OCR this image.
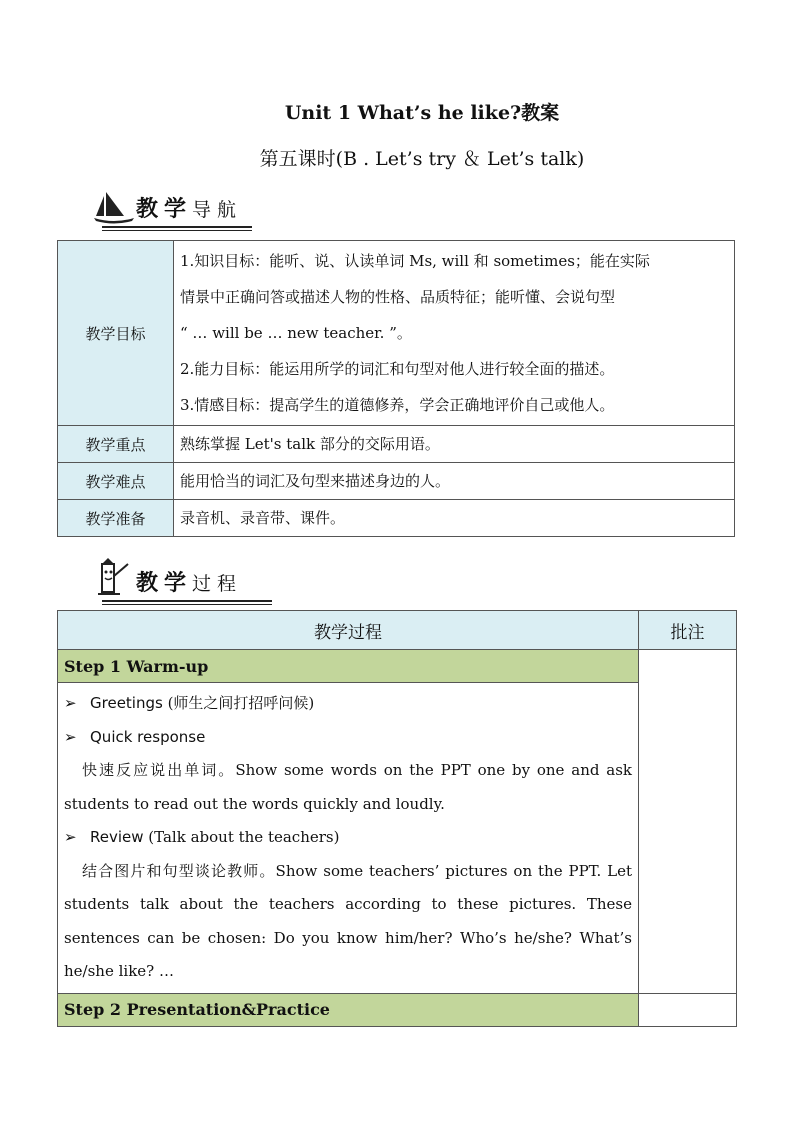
Unit 1 What’s he like?教案
第五课时(B . Let’s try ＆ Let’s talk)
教学导航
教学目标	1.知识目标：能听、说、认读单词 Ms, will 和 sometimes；能在实际
情景中正确问答或描述人物的性格、品质特征；能听懂、会说句型
“ … will be … new teacher. ”。
2.能力目标：能运用所学的词汇和句型对他人进行较全面的描述。
3.情感目标：提高学生的道德修养，学会正确地评价自己或他人。

教学重点	熟练掌握 Let's talk 部分的交际用语。
教学难点	能用恰当的词汇及句型来描述身边的人。
教学准备	录音机、录音带、课件。
教学过程
教学过程	批注
Step 1 Warm-up	

➢ Greetings (师生之间打招呼问候)
➢ Quick response
快速反应说出单词。Show some words on the PPT one by one and ask students to read out the words quickly and loudly.
➢ Review (Talk about the teachers)
结合图片和句型谈论教师。Show some teachers’ pictures on the PPT. Let students talk about the teachers according to these pictures. These sentences can be chosen: Do you know him/her? Who’s he/she? What’s he/she like? …	

Step 2 Presentation&Practice	
